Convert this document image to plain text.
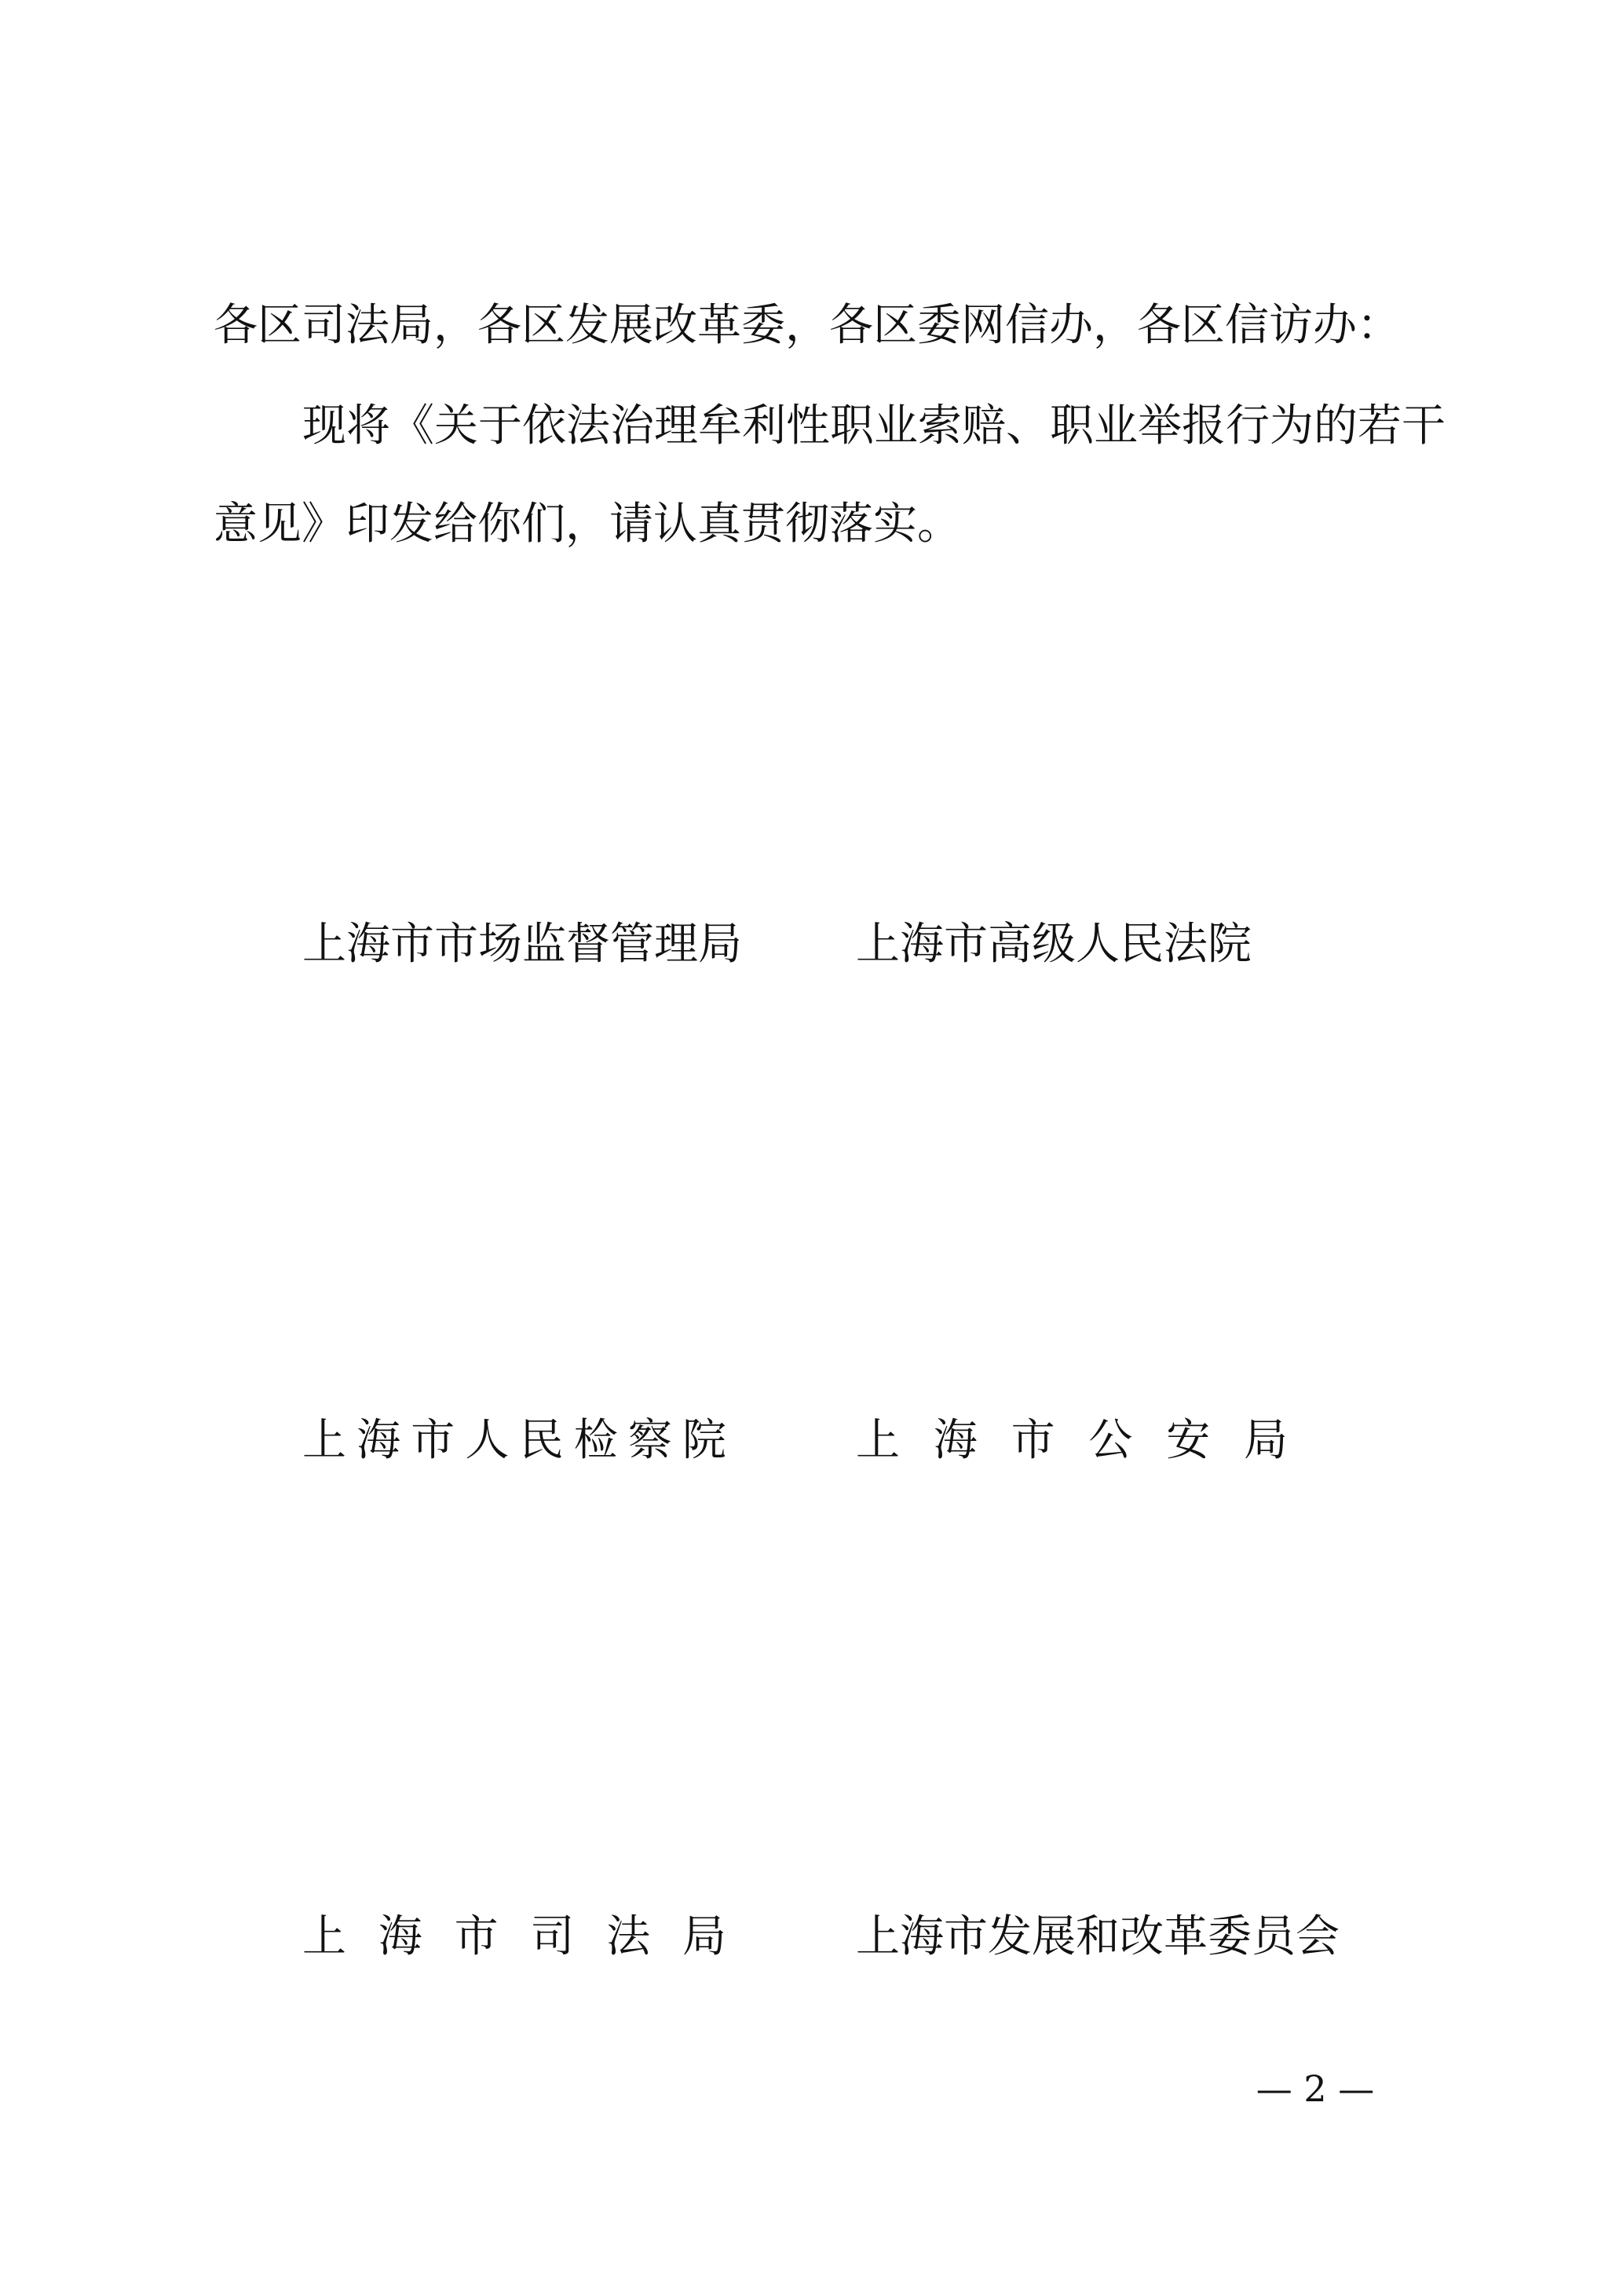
各区司法局，各区发展改革委，各区委网信办，各区信访办：
现将《关于依法治理牟利性职业索赔、职业举报行为的若干
意见》印发给你们，请认真贯彻落实。
上海市市场监督管理局	上海市高级人民法院
上 海 市 人 民 检 察 院	上 海 市 公 安 局
上 海 市 司 法 局	上海市发展和改革委员会
— 2 —
